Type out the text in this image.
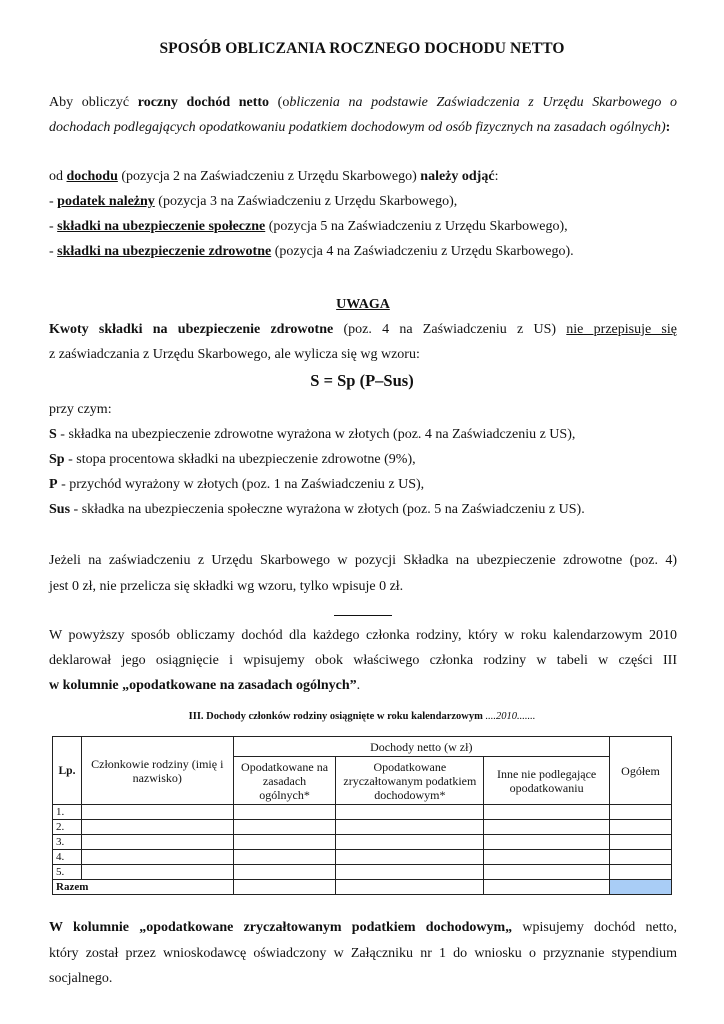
SPOSÓB OBLICZANIA ROCZNEGO DOCHODU NETTO
Aby obliczyć roczny dochód netto (obliczenia na podstawie Zaświadczenia z Urzędu Skarbowego o dochodach podlegających opodatkowaniu podatkiem dochodowym od osób fizycznych na zasadach ogólnych):
od dochodu (pozycja 2 na Zaświadczeniu z Urzędu Skarbowego) należy odjąć:
- podatek należny (pozycja 3 na Zaświadczeniu z Urzędu Skarbowego),
- składki na ubezpieczenie społeczne (pozycja 5 na Zaświadczeniu z Urzędu Skarbowego),
- składki na ubezpieczenie zdrowotne (pozycja 4 na Zaświadczeniu z Urzędu Skarbowego).
UWAGA
Kwoty składki na ubezpieczenie zdrowotne (poz. 4 na Zaświadczeniu z US) nie przepisuje się
z zaświadczania z Urzędu Skarbowego, ale wylicza się wg wzoru:
S = Sp (P–Sus)
przy czym:
S - składka na ubezpieczenie zdrowotne wyrażona w złotych (poz. 4 na Zaświadczeniu z US),
Sp - stopa procentowa składki na ubezpieczenie zdrowotne (9%),
P - przychód wyrażony w złotych (poz. 1 na Zaświadczeniu z US),
Sus - składka na ubezpieczenia społeczne wyrażona w złotych (poz. 5 na Zaświadczeniu z US).
Jeżeli na zaświadczeniu z Urzędu Skarbowego w pozycji Składka na ubezpieczenie zdrowotne (poz. 4)
jest 0 zł, nie przelicza się składki wg wzoru, tylko wpisuje 0 zł.
W powyższy sposób obliczamy dochód dla każdego członka rodziny, który w roku kalendarzowym 2010
deklarował jego osiągnięcie i wpisujemy obok właściwego członka rodziny w tabeli w części III
w kolumnie „opodatkowane na zasadach ogólnych”.
III. Dochody członków rodziny osiągnięte w roku kalendarzowym ....2010.......
Lp.	Członkowie rodziny (imię i nazwisko)	Dochody netto (w zł)			Ogółem
		Opodatkowane na zasadach ogólnych*	Opodatkowane zryczałtowanym podatkiem dochodowym*	Inne nie podlegające opodatkowaniu	
1.					
2.					
3.					
4.					
5.					
Razem					
W kolumnie „opodatkowane zryczałtowanym podatkiem dochodowym„ wpisujemy dochód netto,
który został przez wnioskodawcę oświadczony w Załączniku nr 1 do wniosku o przyznanie stypendium
socjalnego.
